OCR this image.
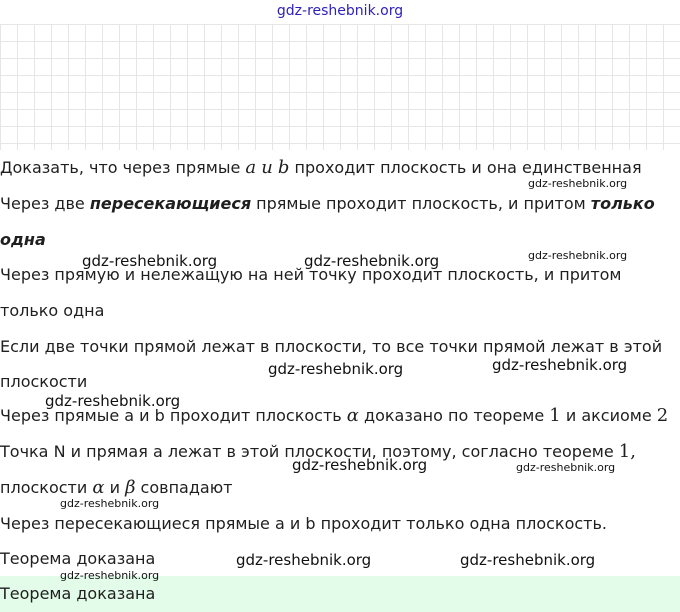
gdz-reshebnik.org
Доказать, что через прямые a и b проходит плоскость и она единственная
Через две пересекающиеся прямые проходит плоскость, и притом только
одна
Через прямую и нележащую на ней точку проходит плоскость, и притом
только одна
Если две точки прямой лежат в плоскости, то все точки прямой лежат в этой
плоскости
Через прямые a и b проходит плоскость α доказано по теореме 1 и аксиоме 2
Точка N и прямая a лежат в этой плоскости, поэтому, согласно теореме 1,
плоскости α и β совпадают
Через пересекающиеся прямые a и b проходит только одна плоскость.
Теорема доказана
Теорема доказана
gdz-reshebnik.org
gdz-reshebnik.org	gdz-reshebnik.org	gdz-reshebnik.org
gdz-reshebnik.org	gdz-reshebnik.org
gdz-reshebnik.org
gdz-reshebnik.org	gdz-reshebnik.org
gdz-reshebnik.org
gdz-reshebnik.org	gdz-reshebnik.org
gdz-reshebnik.org
